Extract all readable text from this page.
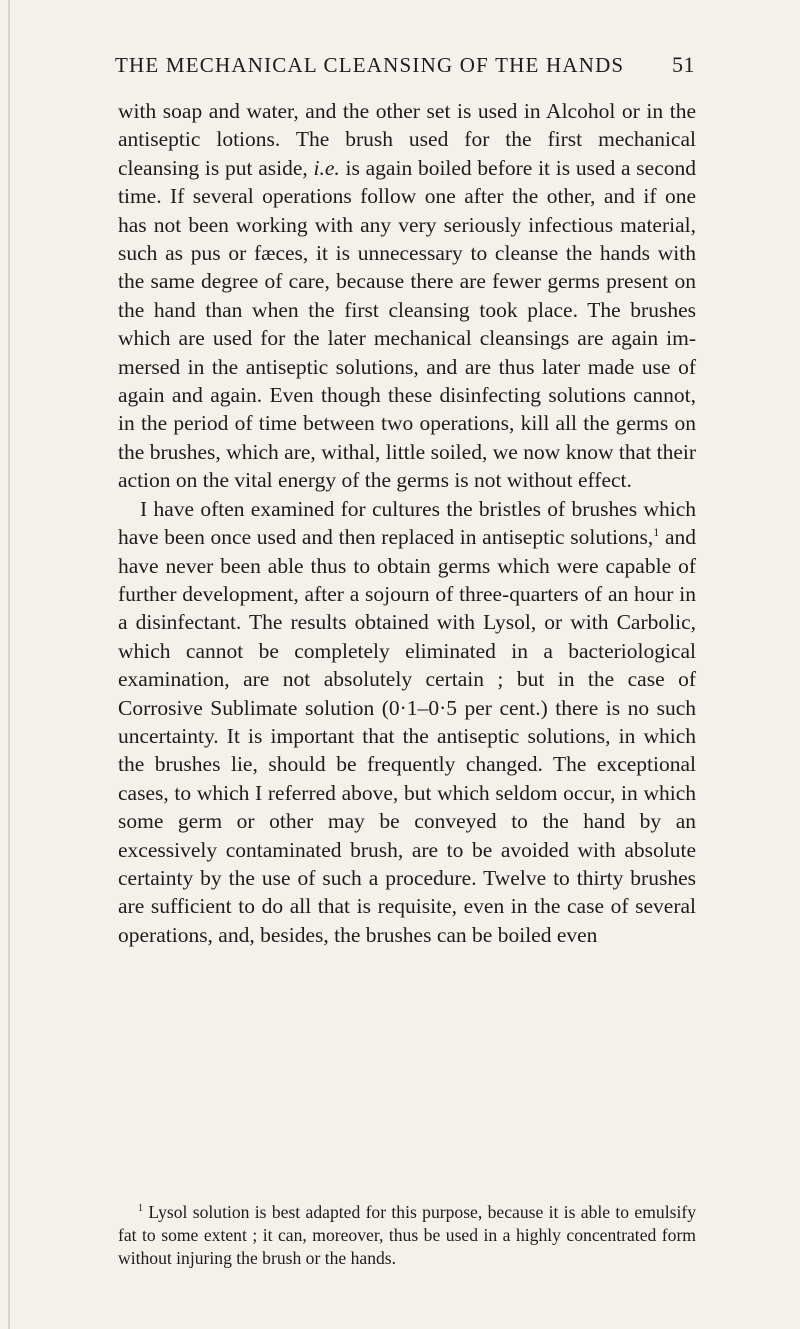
THE MECHANICAL CLEANSING OF THE HANDS 51

with soap and water, and the other set is used in Alcohol or in the antiseptic lotions. The brush used for the first mechanical cleansing is put aside, i.e. is again boiled before it is used a second time. If several operations follow one after the other, and if one has not been working with any very seriously infectious material, such as pus or fæces, it is unnecessary to cleanse the hands with the same degree of care, because there are fewer germs present on the hand than when the first cleansing took place. The brushes which are used for the later mechanical cleansings are again immersed in the antiseptic solutions, and are thus later made use of again and again. Even though these disinfecting solutions cannot, in the period of time between two operations, kill all the germs on the brushes, which are, withal, little soiled, we now know that their action on the vital energy of the germs is not without effect.

I have often examined for cultures the bristles of brushes which have been once used and then replaced in antiseptic solutions,$^1$ and have never been able thus to obtain germs which were capable of further development, after a sojourn of three-quarters of an hour in a disinfectant. The results obtained with Lysol, or with Carbolic, which cannot be completely eliminated in a bacteriological examination, are not absolutely certain ; but in the case of Corrosive Sublimate solution (0·1–0·5 per cent.) there is no such uncertainty. It is important that the antiseptic solutions, in which the brushes lie, should be frequently changed. The exceptional cases, to which I referred above, but which seldom occur, in which some germ or other may be conveyed to the hand by an excessively contaminated brush, are to be avoided with absolute certainty by the use of such a procedure. Twelve to thirty brushes are sufficient to do all that is requisite, even in the case of several operations, and, besides, the brushes can be boiled even

$^1$ Lysol solution is best adapted for this purpose, because it is able to emulsify fat to some extent ; it can, moreover, thus be used in a highly concentrated form without injuring the brush or the hands.
